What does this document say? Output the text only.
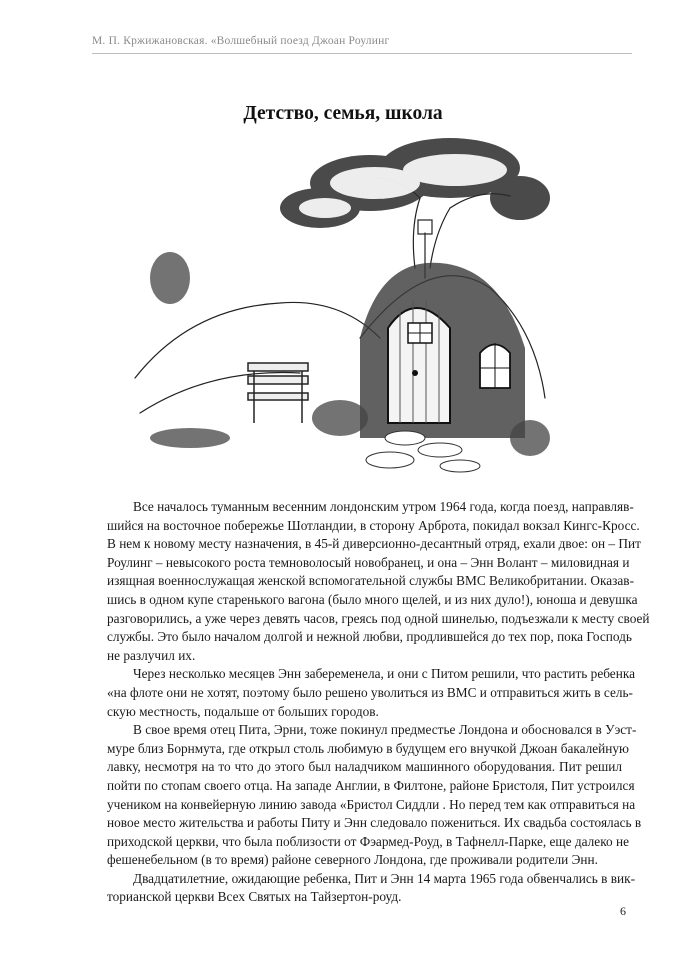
М. П. Кржижановская. «Волшебный поезд Джоан Роулинг
Детство, семья, школа

Все началось туманным весенним лондонским утром 1964 года, когда поезд, направляв-
шийся на восточное побережье Шотландии, в сторону Арброта, покидал вокзал Кингс-Кросс.
В нем к новому месту назначения, в 45-й диверсионно-десантный отряд, ехали двое: он – Пит
Роулинг – невысокого роста темноволосый новобранец, и она – Энн Волант – миловидная и
изящная военнослужащая женской вспомогательной службы ВМС Великобритании. Оказав-
шись в одном купе старенького вагона (было много щелей, и из них дуло!), юноша и девушка
разговорились, а уже через девять часов, греясь под одной шинелью, подъезжали к месту своей
службы. Это было началом долгой и нежной любви, продлившейся до тех пор, пока Господь
не разлучил их.

Через несколько месяцев Энн забеременела, и они с Питом решили, что растить ребенка
«на флоте они не хотят, поэтому было решено уволиться из ВМС и отправиться жить в сель-
скую местность, подальше от больших городов.

В свое время отец Пита, Эрни, тоже покинул предместье Лондона и обосновался в Уэст-
муре близ Борнмута, где открыл столь любимую в будущем его внучкой Джоан бакалейную
лавку, несмотря на то что до этого был наладчиком машинного оборудования. Пит решил
пойти по стопам своего отца. На западе Англии, в Филтоне, районе Бристоля, Пит устроился
учеником на конвейерную линию завода «Бристол Сиддли . Но перед тем как отправиться на
новое место жительства и работы Питу и Энн следовало пожениться. Их свадьба состоялась в
приходской церкви, что была поблизости от Фэармед-Роуд, в Тафнелл-Парке, еще далеко не
фешенебельном (в то время) районе северного Лондона, где проживали родители Энн.

Двадцатилетние, ожидающие ребенка, Пит и Энн 14 марта 1965 года обвенчались в вик-
торианской церкви Всех Святых на Тайзертон-роуд.

6
